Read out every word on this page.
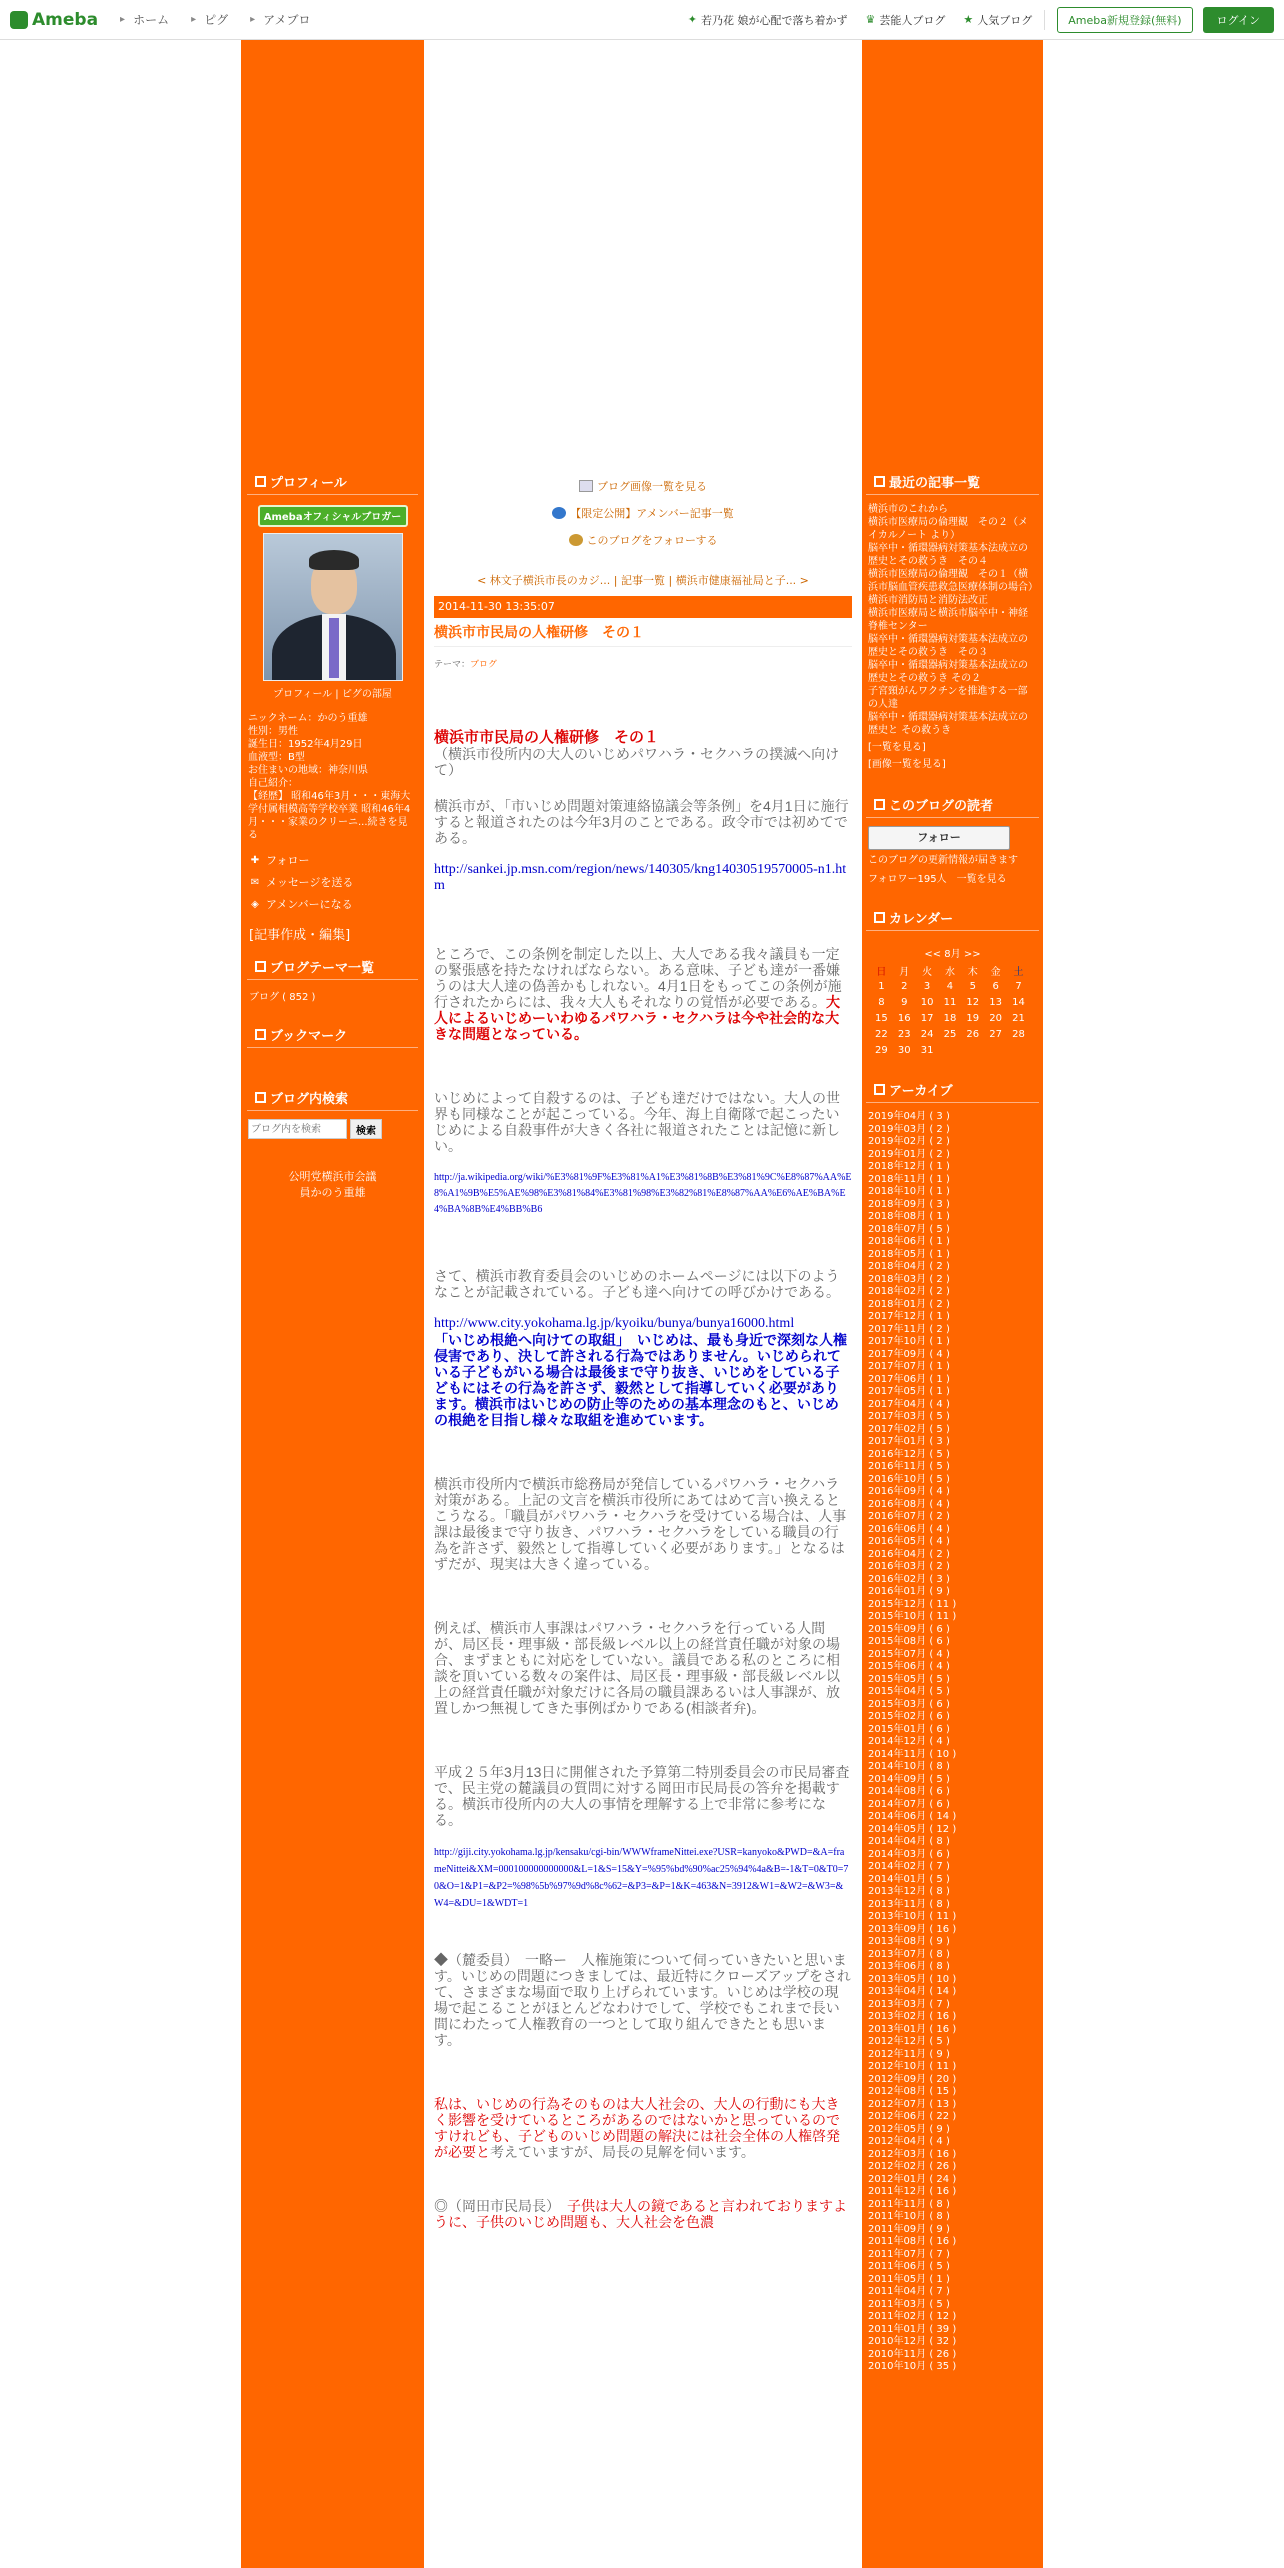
Ameba	▸ ホーム	▸ ピグ	▸ アメブロ	✦ 若乃花 娘が心配で落ち着かず ♛ 芸能人ブログ ★ 人気ブログ	Ameba新規登録(無料)	ログイン
プロフィール
Amebaオフィシャルブロガー
プロフィール | ピグの部屋
ニックネーム：かのう重雄
性別：男性
誕生日：1952年4月29日
血液型：B型
お住まいの地域：神奈川県
自己紹介：
【経歴】 昭和46年3月・・・東海大学付属相模高等学校卒業 昭和46年4月・・・家業のクリーニ...続きを見る
✚ フォロー
✉ メッセージを送る
◈ アメンバーになる
[記事作成・編集]
ブログテーマ一覧
ブログ ( 852 )
ブックマーク
ブログ内検索
ブログ内を検索
検索
公明党横浜市会議
員かのう重雄
ブログ画像一覧を見る
【限定公開】アメンバー記事一覧
このブログをフォローする
< 林文子横浜市長のカジ... | 記事一覧 | 横浜市健康福祉局と子... >
2014-11-30 13:35:07
横浜市市民局の人権研修　その１
テーマ：ブログ
横浜市市民局の人権研修　その１
（横浜市役所内の大人のいじめパワハラ・セクハラの撲滅へ向けて）
横浜市が、「市いじめ問題対策連絡協議会等条例」を4月1日に施行すると報道されたのは今年3月のことである。政令市では初めてである。
http://sankei.jp.msn.com/region/news/140305/kng14030519570005-n1.htm
ところで、この条例を制定した以上、大人である我々議員も一定の緊張感を持たなければならない。ある意味、子ども達が一番嫌うのは大人達の偽善かもしれない。4月1日をもってこの条例が施行されたからには、我々大人もそれなりの覚悟が必要である。大人によるいじめーいわゆるパワハラ・セクハラは今や社会的な大きな問題となっている。
いじめによって自殺するのは、子ども達だけではない。大人の世界も同様なことが起こっている。今年、海上自衛隊で起こったいじめによる自殺事件が大きく各社に報道されたことは記憶に新しい。
http://ja.wikipedia.org/wiki/%E3%81%9F%E3%81%A1%E3%81%8B%E3%81%9C%E8%87%AA%E8%A1%9B%E5%AE%98%E3%81%84%E3%81%98%E3%82%81%E8%87%AA%E6%AE%BA%E4%BA%8B%E4%BB%B6
さて、横浜市教育委員会のいじめのホームページには以下のようなことが記載されている。子ども達へ向けての呼びかけである。
http://www.city.yokohama.lg.jp/kyoiku/bunya/bunya16000.html
「いじめ根絶へ向けての取組」　いじめは、最も身近で深刻な人権侵害であり、決して許される行為ではありません。いじめられている子どもがいる場合は最後まで守り抜き、いじめをしている子どもにはその行為を許さず、毅然として指導していく必要があります。横浜市はいじめの防止等のための基本理念のもと、いじめの根絶を目指し様々な取組を進めています。
横浜市役所内で横浜市総務局が発信しているパワハラ・セクハラ対策がある。上記の文言を横浜市役所にあてはめて言い換えるとこうなる。「職員がパワハラ・セクハラを受けている場合は、人事課は最後まで守り抜き、パワハラ・セクハラをしている職員の行為を許さず、毅然として指導していく必要があります。」となるはずだが、現実は大きく違っている。
例えば、横浜市人事課はパワハラ・セクハラを行っている人間が、局区長・理事級・部長級レベル以上の経営責任職が対象の場合、まずまともに対応をしていない。議員である私のところに相談を頂いている数々の案件は、局区長・理事級・部長級レベル以上の経営責任職が対象だけに各局の職員課あるいは人事課が、放置しかつ無視してきた事例ばかりである(相談者弁)。
平成２５年3月13日に開催された予算第二特別委員会の市民局審査で、民主党の麓議員の質問に対する岡田市民局長の答弁を掲載する。横浜市役所内の大人の事情を理解する上で非常に参考になる。
http://giji.city.yokohama.lg.jp/kensaku/cgi-bin/WWWframeNittei.exe?USR=kanyoko&PWD=&A=frameNittei&XM=000100000000000&L=1&S=15&Y=%95%bd%90%ac25%94%4a&B=-1&T=0&T0=70&O=1&P1=&P2=%98%5b%97%9d%8c%62=&P3=&P=1&K=463&N=3912&W1=&W2=&W3=&W4=&DU=1&WDT=1
◆（麓委員）　一略ー　人権施策について伺っていきたいと思います。いじめの問題につきましては、最近特にクローズアップをされて、さまざまな場面で取り上げられています。いじめは学校の現場で起こることがほとんどなわけでして、学校でもこれまで長い間にわたって人権教育の一つとして取り組んできたとも思います。
私は、いじめの行為そのものは大人社会の、大人の行動にも大きく影響を受けているところがあるのではないかと思っているのですけれども、子どものいじめ問題の解決には社会全体の人権啓発が必要と考えていますが、局長の見解を伺います。
◎（岡田市民局長）　子供は大人の鏡であると言われておりますように、子供のいじめ問題も、大人社会を色濃
最近の記事一覧
横浜市のこれから
横浜市医療局の倫理観　その２（メイカルノート より）
脳卒中・循環器病対策基本法成立の歴史とその救うき　その４
横浜市医療局の倫理観　その１（横浜市脳血管疾患救急医療体制の場合）
横浜市消防局と消防法改正
横浜市医療局と横浜市脳卒中・神経脊椎センター
脳卒中・循環器病対策基本法成立の歴史とその救うき　その３
脳卒中・循環器病対策基本法成立の歴史とその救うき その２
子宮頸がんワクチンを推進する一部の人達
脳卒中・循環器病対策基本法成立の歴史と その救うき
[一覧を見る]
[画像一覧を見る]
このブログの読者
フォロー
このブログの更新情報が届きます
フォロワー195人　一覧を見る
カレンダー
<< 8月 >>
日	月	火	水	木	金	土
1	2	3	4	5	6	7
8	9	10	11	12	13	14
15	16	17	18	19	20	21
22	23	24	25	26	27	28
29	30	31				
アーカイブ
2019年04月 ( 3 )
2019年03月 ( 2 )
2019年02月 ( 2 )
2019年01月 ( 2 )
2018年12月 ( 1 )
2018年11月 ( 1 )
2018年10月 ( 1 )
2018年09月 ( 3 )
2018年08月 ( 1 )
2018年07月 ( 5 )
2018年06月 ( 1 )
2018年05月 ( 1 )
2018年04月 ( 2 )
2018年03月 ( 2 )
2018年02月 ( 2 )
2018年01月 ( 2 )
2017年12月 ( 1 )
2017年11月 ( 2 )
2017年10月 ( 1 )
2017年09月 ( 4 )
2017年07月 ( 1 )
2017年06月 ( 1 )
2017年05月 ( 1 )
2017年04月 ( 4 )
2017年03月 ( 5 )
2017年02月 ( 5 )
2017年01月 ( 3 )
2016年12月 ( 5 )
2016年11月 ( 5 )
2016年10月 ( 5 )
2016年09月 ( 4 )
2016年08月 ( 4 )
2016年07月 ( 2 )
2016年06月 ( 4 )
2016年05月 ( 4 )
2016年04月 ( 2 )
2016年03月 ( 2 )
2016年02月 ( 3 )
2016年01月 ( 9 )
2015年12月 ( 11 )
2015年10月 ( 11 )
2015年09月 ( 6 )
2015年08月 ( 6 )
2015年07月 ( 4 )
2015年06月 ( 4 )
2015年05月 ( 5 )
2015年04月 ( 5 )
2015年03月 ( 6 )
2015年02月 ( 6 )
2015年01月 ( 6 )
2014年12月 ( 4 )
2014年11月 ( 10 )
2014年10月 ( 8 )
2014年09月 ( 5 )
2014年08月 ( 6 )
2014年07月 ( 6 )
2014年06月 ( 14 )
2014年05月 ( 12 )
2014年04月 ( 8 )
2014年03月 ( 6 )
2014年02月 ( 7 )
2014年01月 ( 5 )
2013年12月 ( 8 )
2013年11月 ( 8 )
2013年10月 ( 11 )
2013年09月 ( 16 )
2013年08月 ( 9 )
2013年07月 ( 8 )
2013年06月 ( 8 )
2013年05月 ( 10 )
2013年04月 ( 14 )
2013年03月 ( 7 )
2013年02月 ( 16 )
2013年01月 ( 16 )
2012年12月 ( 5 )
2012年11月 ( 9 )
2012年10月 ( 11 )
2012年09月 ( 20 )
2012年08月 ( 15 )
2012年07月 ( 13 )
2012年06月 ( 22 )
2012年05月 ( 9 )
2012年04月 ( 4 )
2012年03月 ( 16 )
2012年02月 ( 26 )
2012年01月 ( 24 )
2011年12月 ( 16 )
2011年11月 ( 8 )
2011年10月 ( 8 )
2011年09月 ( 9 )
2011年08月 ( 16 )
2011年07月 ( 7 )
2011年06月 ( 5 )
2011年05月 ( 1 )
2011年04月 ( 7 )
2011年03月 ( 5 )
2011年02月 ( 12 )
2011年01月 ( 39 )
2010年12月 ( 32 )
2010年11月 ( 26 )
2010年10月 ( 35 )
